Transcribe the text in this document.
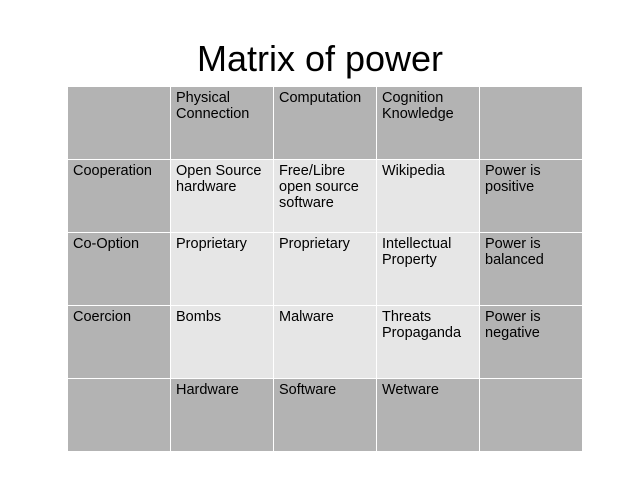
Matrix of power
	Physical Connection	Computation	Cognition Knowledge	
Cooperation	Open Source hardware	Free/Libre open source software	Wikipedia	Power is positive
Co-Option	Proprietary	Proprietary	Intellectual Property	Power is balanced
Coercion	Bombs	Malware	Threats Propaganda	Power is negative
	Hardware	Software	Wetware	
